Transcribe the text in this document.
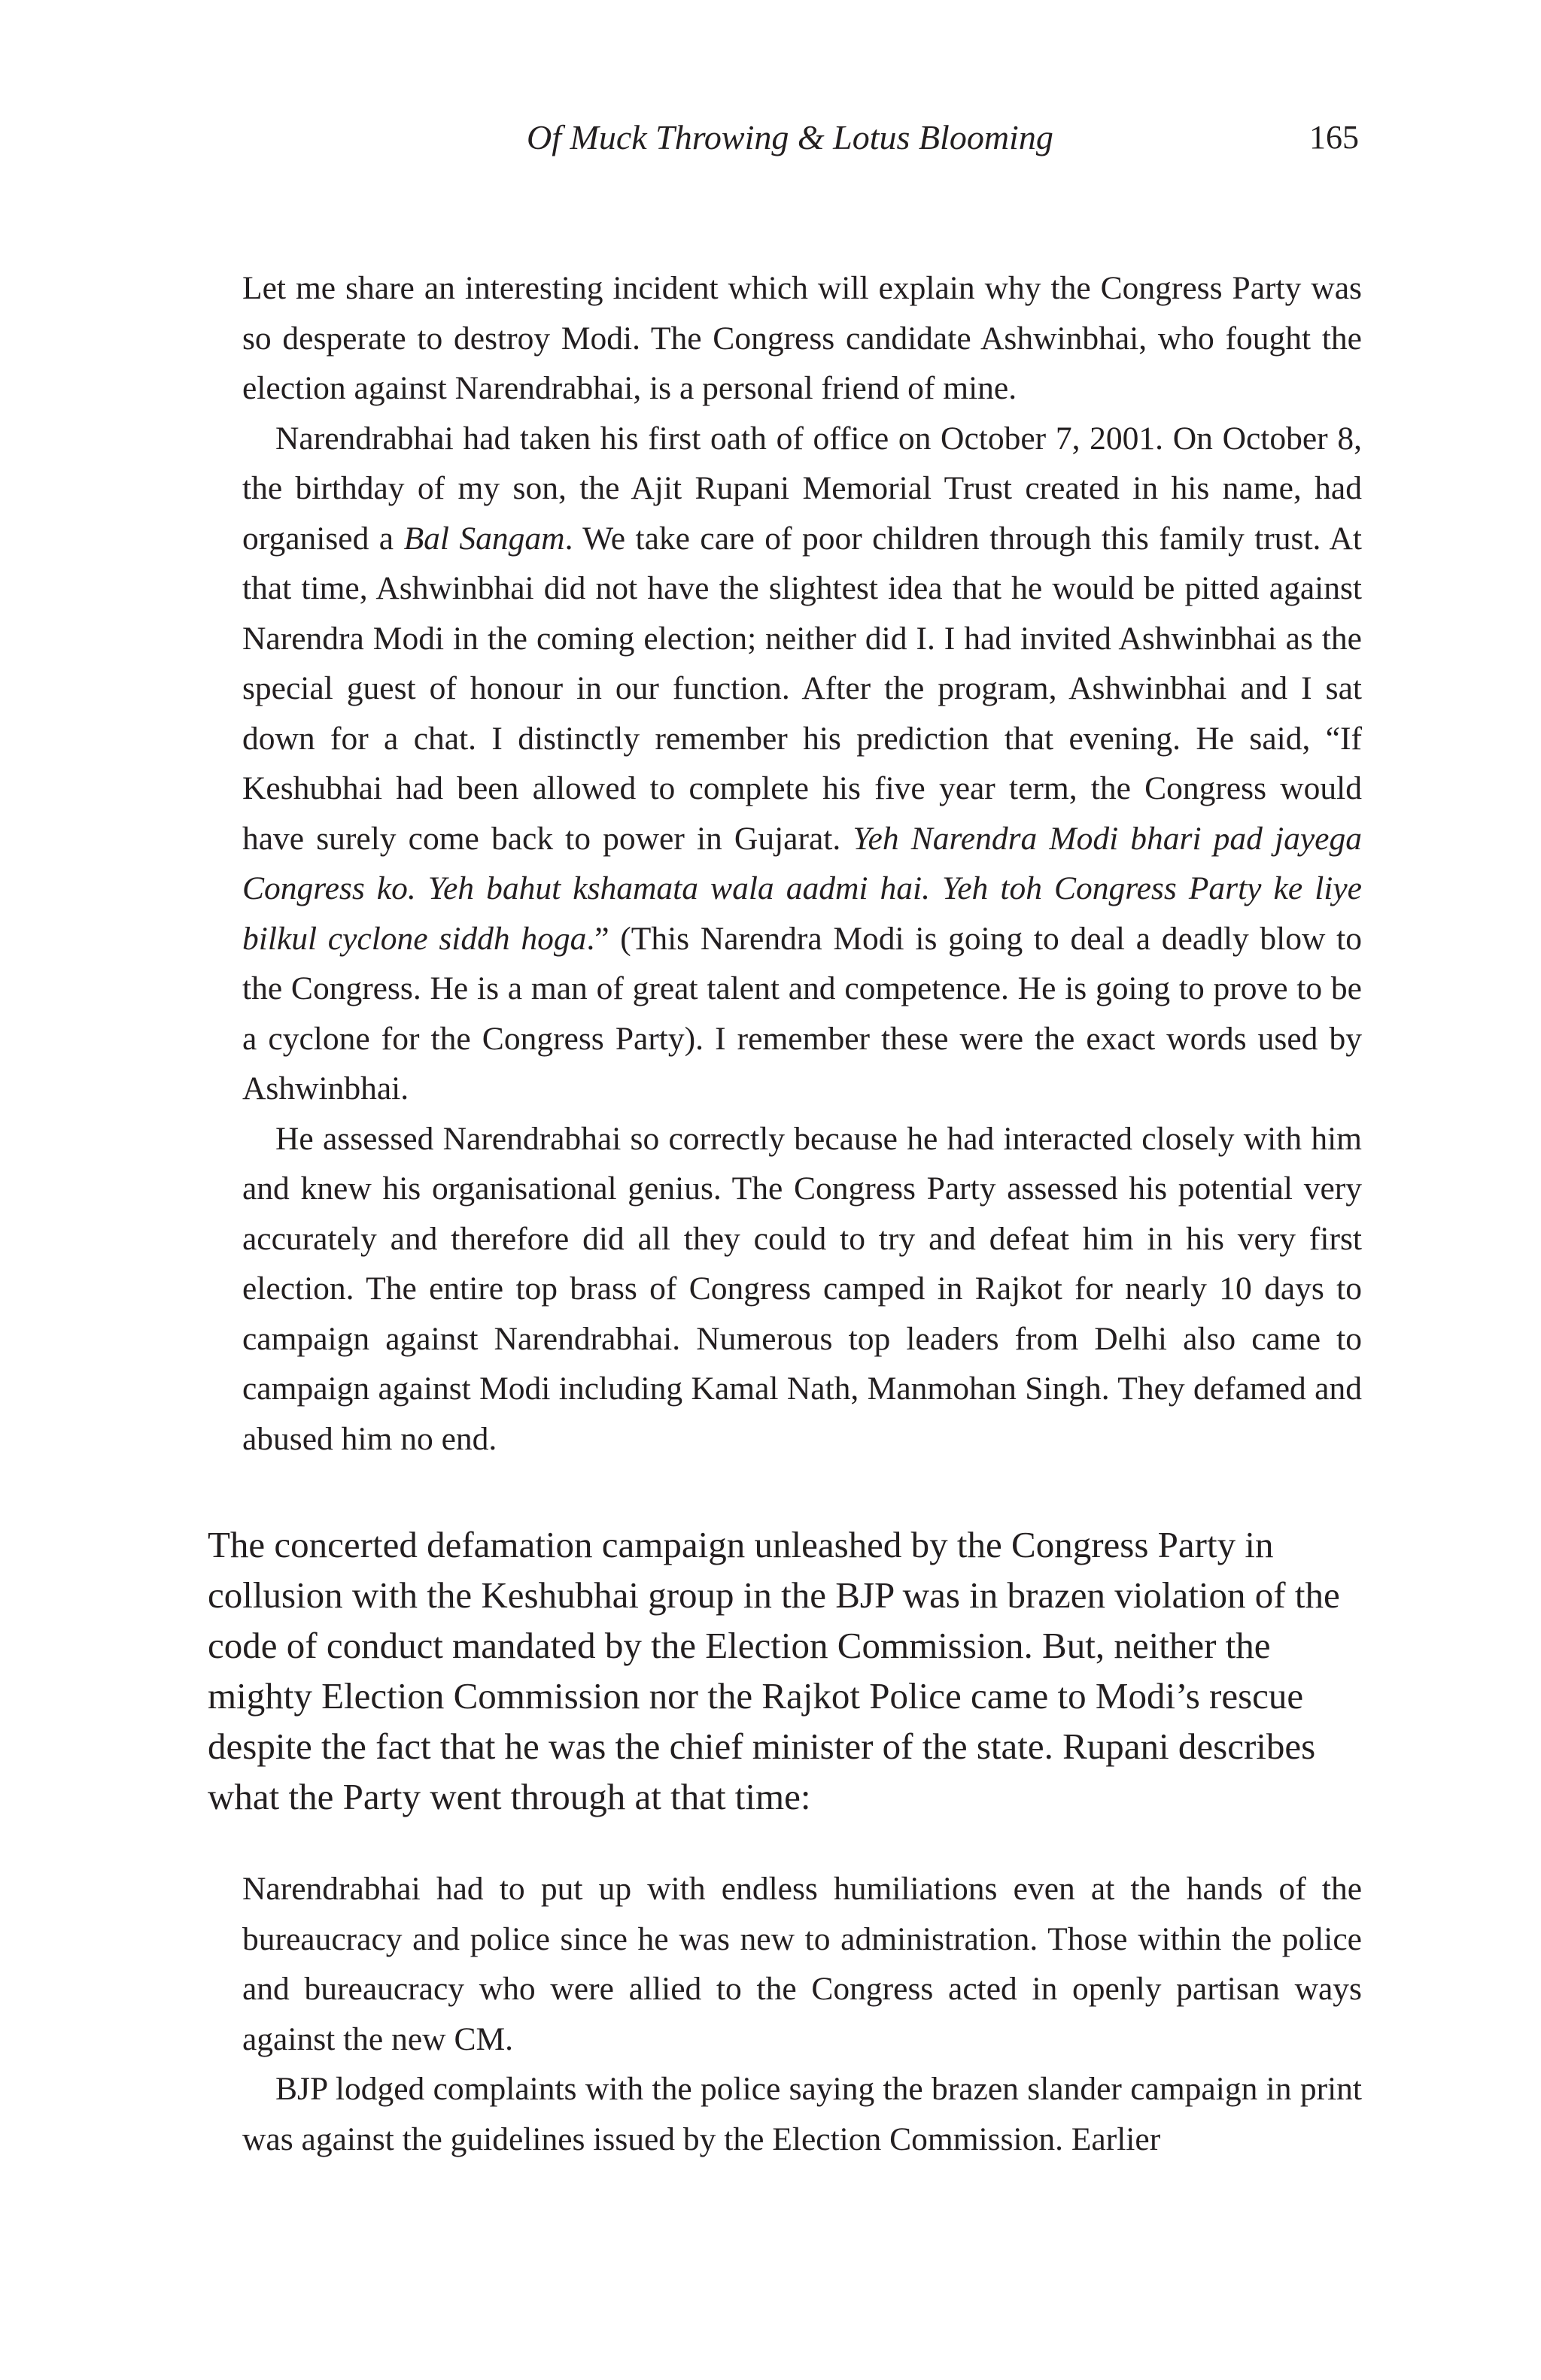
Of Muck Throwing & Lotus Blooming	165

Let me share an interesting incident which will explain why the Congress Party was so desperate to destroy Modi. The Congress candidate Ashwinbhai, who fought the election against Narendrabhai, is a personal friend of mine.

Narendrabhai had taken his first oath of office on October 7, 2001. On October 8, the birthday of my son, the Ajit Rupani Memorial Trust created in his name, had organised a Bal Sangam. We take care of poor children through this family trust. At that time, Ashwinbhai did not have the slightest idea that he would be pitted against Narendra Modi in the coming election; neither did I. I had invited Ashwinbhai as the special guest of honour in our function. After the program, Ashwinbhai and I sat down for a chat. I distinctly remember his prediction that evening. He said, “If Keshubhai had been allowed to complete his five year term, the Congress would have surely come back to power in Gujarat. Yeh Narendra Modi bhari pad jayega Congress ko. Yeh bahut kshamata wala aadmi hai. Yeh toh Congress Party ke liye bilkul cyclone siddh hoga.” (This Narendra Modi is going to deal a deadly blow to the Congress. He is a man of great talent and competence. He is going to prove to be a cyclone for the Congress Party). I remember these were the exact words used by Ashwinbhai.

He assessed Narendrabhai so correctly because he had interacted closely with him and knew his organisational genius. The Congress Party assessed his potential very accurately and therefore did all they could to try and defeat him in his very first election. The entire top brass of Congress camped in Rajkot for nearly 10 days to campaign against Narendrabhai. Numerous top leaders from Delhi also came to campaign against Modi including Kamal Nath, Manmohan Singh. They defamed and abused him no end.

The concerted defamation campaign unleashed by the Congress Party in collusion with the Keshubhai group in the BJP was in brazen violation of the code of conduct mandated by the Election Commission. But, neither the mighty Election Commission nor the Rajkot Police came to Modi’s rescue despite the fact that he was the chief minister of the state. Rupani describes what the Party went through at that time:

Narendrabhai had to put up with endless humiliations even at the hands of the bureaucracy and police since he was new to administration. Those within the police and bureaucracy who were allied to the Congress acted in openly partisan ways against the new CM.

BJP lodged complaints with the police saying the brazen slander campaign in print was against the guidelines issued by the Election Commission. Earlier
